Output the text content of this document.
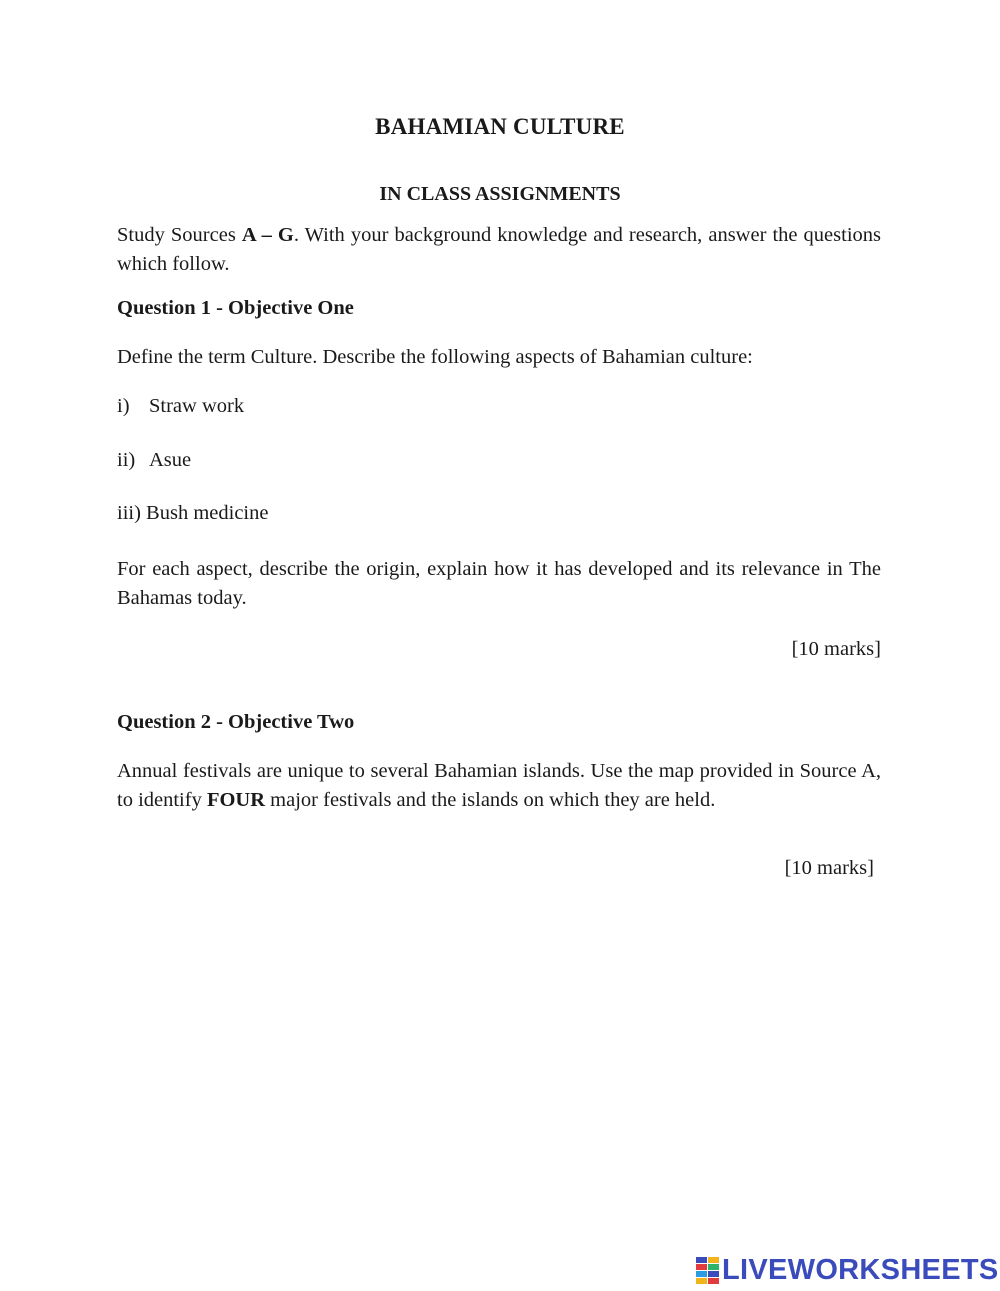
BAHAMIAN CULTURE
IN CLASS ASSIGNMENTS
Study Sources A – G. With your background knowledge and research, answer the questions which follow.
Question 1 - Objective One
Define the term Culture. Describe the following aspects of Bahamian culture:
i) Straw work
ii) Asue
iii) Bush medicine
For each aspect, describe the origin, explain how it has developed and its relevance in The Bahamas today.
[10 marks]
Question 2 - Objective Two
Annual festivals are unique to several Bahamian islands. Use the map provided in Source A, to identify FOUR major festivals and the islands on which they are held.
[10 marks]
LIVEWORKSHEETS
